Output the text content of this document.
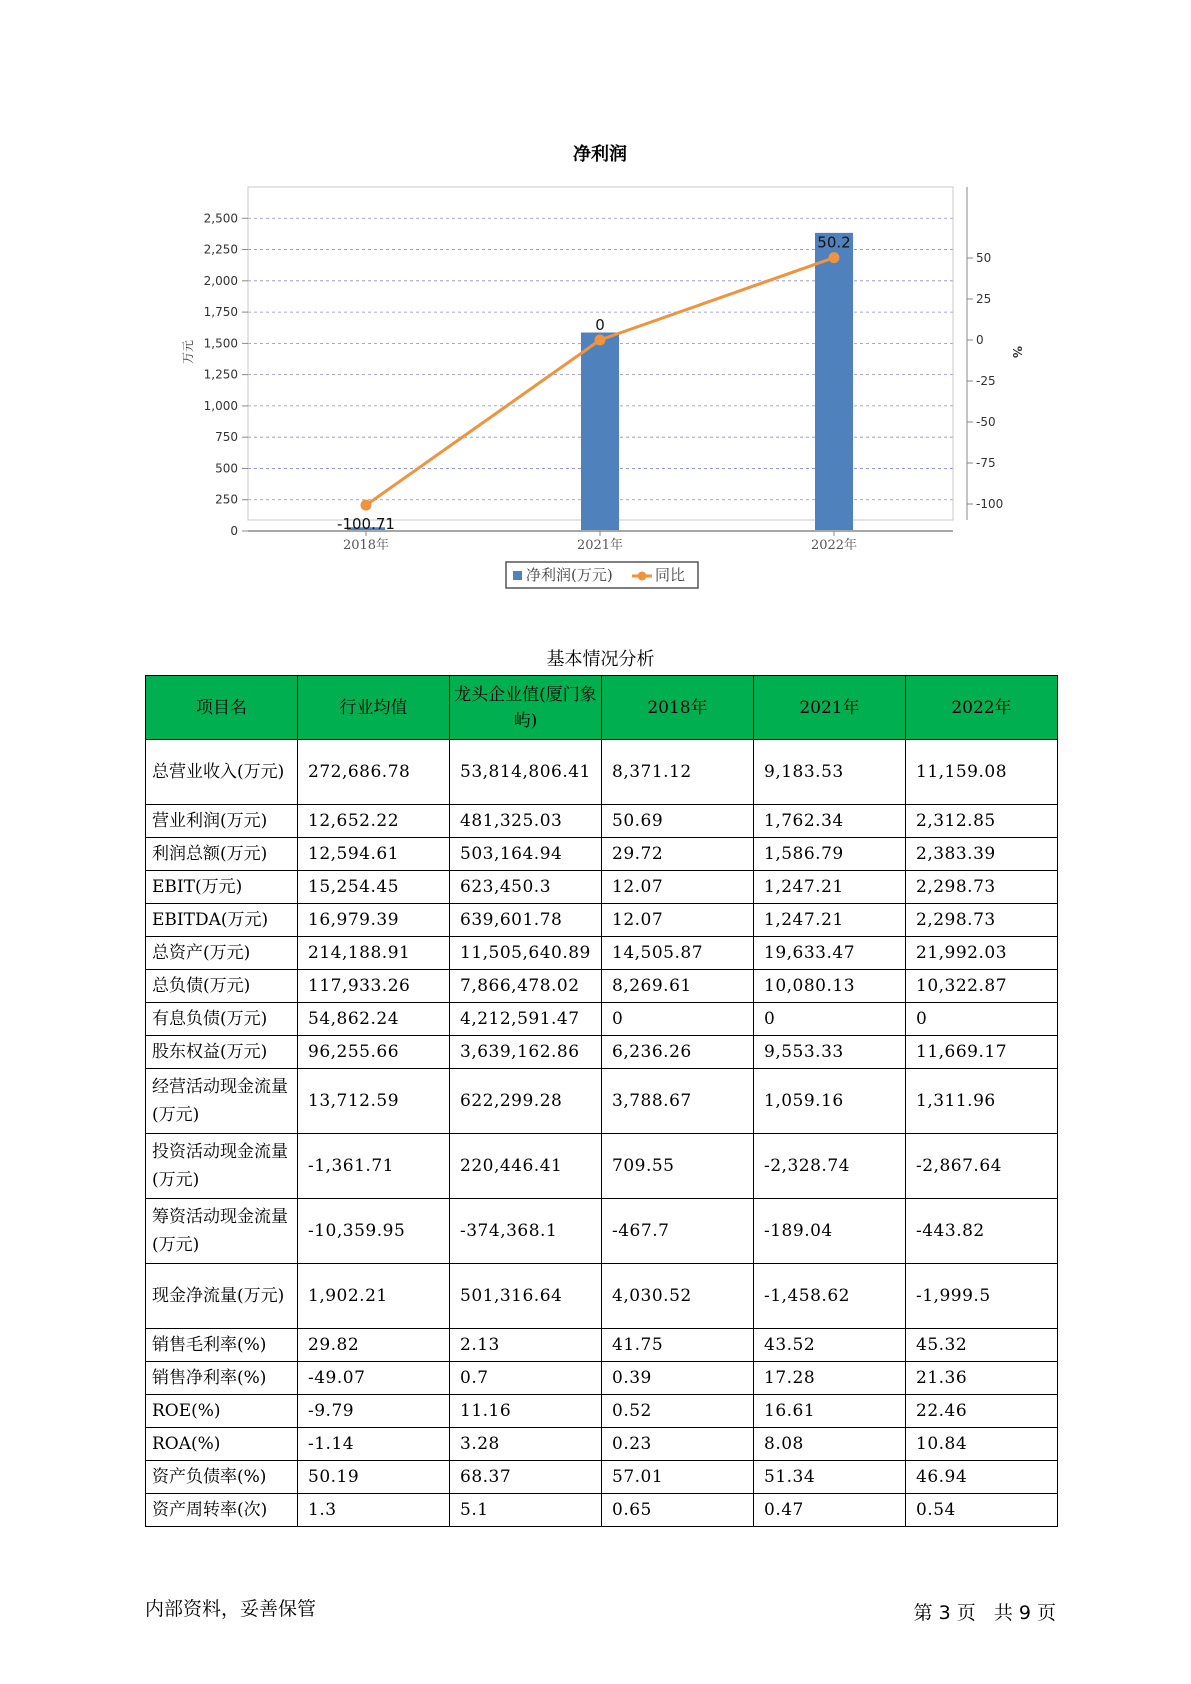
净利润
0
250
500
750
1,000
1,250
1,500
1,750
2,000
2,250
2,500
50
25
0
-25
-50
-75
-100
万元	%
-100.71
0
50.2
2018年	2021年	2022年
净利润(万元)	同比
基本情况分析
项目名	行业均值	龙头企业值(厦门象屿)	2018年	2021年	2022年
总营业收入(万元)	272,686.78	53,814,806.41	8,371.12	9,183.53	11,159.08
营业利润(万元)	12,652.22	481,325.03	50.69	1,762.34	2,312.85
利润总额(万元)	12,594.61	503,164.94	29.72	1,586.79	2,383.39
EBIT(万元)	15,254.45	623,450.3	12.07	1,247.21	2,298.73
EBITDA(万元)	16,979.39	639,601.78	12.07	1,247.21	2,298.73
总资产(万元)	214,188.91	11,505,640.89	14,505.87	19,633.47	21,992.03
总负债(万元)	117,933.26	7,866,478.02	8,269.61	10,080.13	10,322.87
有息负债(万元)	54,862.24	4,212,591.47	0	0	0
股东权益(万元)	96,255.66	3,639,162.86	6,236.26	9,553.33	11,669.17
经营活动现金流量(万元)	13,712.59	622,299.28	3,788.67	1,059.16	1,311.96
投资活动现金流量(万元)	-1,361.71	220,446.41	709.55	-2,328.74	-2,867.64
筹资活动现金流量(万元)	-10,359.95	-374,368.1	-467.7	-189.04	-443.82
现金净流量(万元)	1,902.21	501,316.64	4,030.52	-1,458.62	-1,999.5
销售毛利率(%)	29.82	2.13	41.75	43.52	45.32
销售净利率(%)	-49.07	0.7	0.39	17.28	21.36
ROE(%)	-9.79	11.16	0.52	16.61	22.46
ROA(%)	-1.14	3.28	0.23	8.08	10.84
资产负债率(%)	50.19	68.37	57.01	51.34	46.94
资产周转率(次)	1.3	5.1	0.65	0.47	0.54
内部资料，妥善保管	第 3 页   共 9 页
